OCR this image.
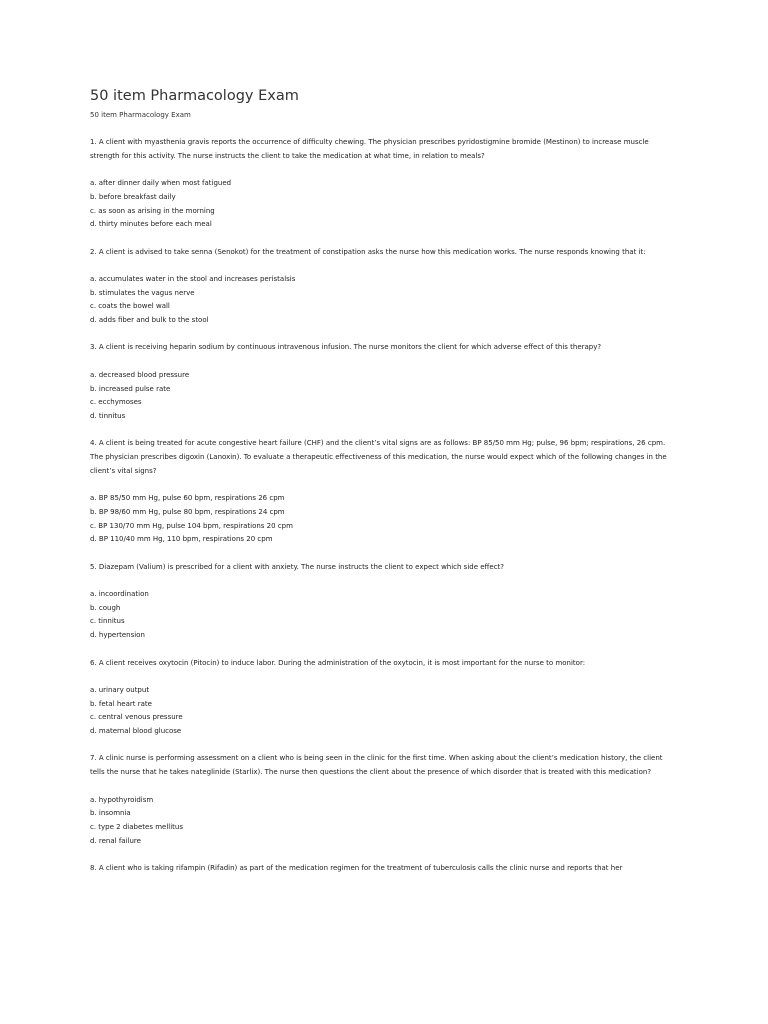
50 item Pharmacology Exam
50 item Pharmacology Exam
1. A client with myasthenia gravis reports the occurrence of difficulty chewing. The physician prescribes pyridostigmine bromide (Mestinon) to increase muscle strength for this activity. The nurse instructs the client to take the medication at what time, in relation to meals?
a. after dinner daily when most fatigued
b. before breakfast daily
c. as soon as arising in the morning
d. thirty minutes before each meal
2. A client is advised to take senna (Senokot) for the treatment of constipation asks the nurse how this medication works. The nurse responds knowing that it:
a. accumulates water in the stool and increases peristalsis
b. stimulates the vagus nerve
c. coats the bowel wall
d. adds fiber and bulk to the stool
3. A client is receiving heparin sodium by continuous intravenous infusion. The nurse monitors the client for which adverse effect of this therapy?
a. decreased blood pressure
b. increased pulse rate
c. ecchymoses
d. tinnitus
4. A client is being treated for acute congestive heart failure (CHF) and the client’s vital signs are as follows: BP 85/50 mm Hg; pulse, 96 bpm; respirations, 26 cpm. The physician prescribes digoxin (Lanoxin). To evaluate a therapeutic effectiveness of this medication, the nurse would expect which of the following changes in the client’s vital signs?
a. BP 85/50 mm Hg, pulse 60 bpm, respirations 26 cpm
b. BP 98/60 mm Hg, pulse 80 bpm, respirations 24 cpm
c. BP 130/70 mm Hg, pulse 104 bpm, respirations 20 cpm
d. BP 110/40 mm Hg, 110 bpm, respirations 20 cpm
5. Diazepam (Valium) is prescribed for a client with anxiety. The nurse instructs the client to expect which side effect?
a. incoordination
b. cough
c. tinnitus
d. hypertension
6. A client receives oxytocin (Pitocin) to induce labor. During the administration of the oxytocin, it is most important for the nurse to monitor:
a. urinary output
b. fetal heart rate
c. central venous pressure
d. maternal blood glucose
7. A clinic nurse is performing assessment on a client who is being seen in the clinic for the first time. When asking about the client’s medication history, the client tells the nurse that he takes nateglinide (Starlix). The nurse then questions the client about the presence of which disorder that is treated with this medication?
a. hypothyroidism
b. insomnia
c. type 2 diabetes mellitus
d. renal failure
8. A client who is taking rifampin (Rifadin) as part of the medication regimen for the treatment of tuberculosis calls the clinic nurse and reports that her
